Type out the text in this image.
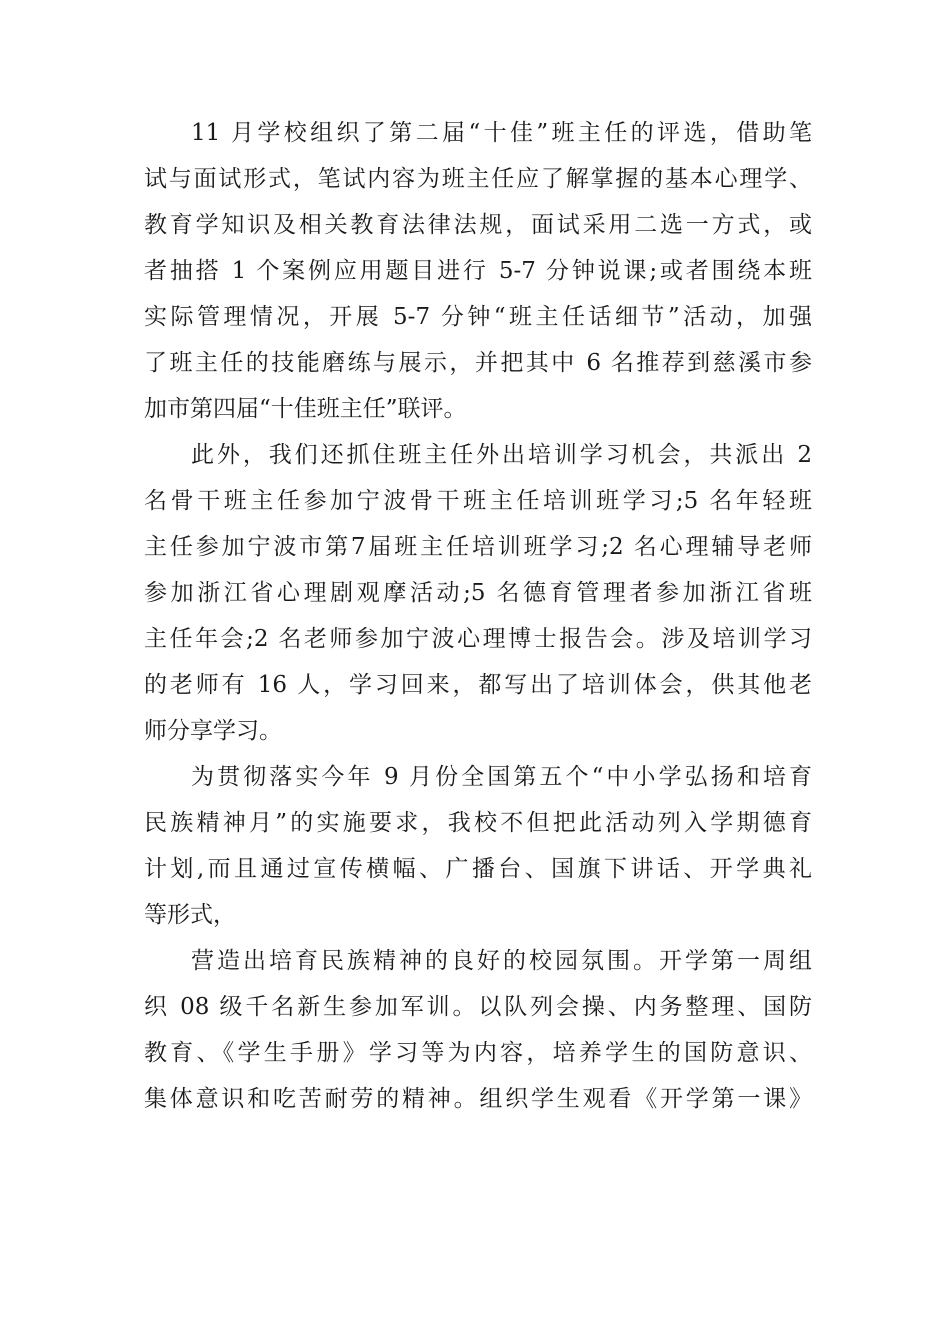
11 月学校组织了第二届“十佳”班主任的评选，借助笔
试与面试形式，笔试内容为班主任应了解掌握的基本心理学、
教育学知识及相关教育法律法规，面试采用二选一方式，或
者抽搭 1 个案例应用题目进行 5-7 分钟说课;或者围绕本班
实际管理情况，开展 5-7 分钟“班主任话细节”活动，加强
了班主任的技能磨练与展示，并把其中 6 名推荐到慈溪市参
加市第四届“十佳班主任”联评。

此外，我们还抓住班主任外出培训学习机会，共派出 2
名骨干班主任参加宁波骨干班主任培训班学习;5 名年轻班
主任参加宁波市第7届班主任培训班学习;2 名心理辅导老师
参加浙江省心理剧观摩活动;5 名德育管理者参加浙江省班
主任年会;2 名老师参加宁波心理博士报告会。涉及培训学习
的老师有 16 人，学习回来，都写出了培训体会，供其他老
师分享学习。

为贯彻落实今年 9 月份全国第五个“中小学弘扬和培育
民族精神月”的实施要求，我校不但把此活动列入学期德育
计划,而且通过宣传横幅、广播台、国旗下讲话、开学典礼
等形式，

营造出培育民族精神的良好的校园氛围。开学第一周组
织 08 级千名新生参加军训。以队列会操、内务整理、国防
教育、《学生手册》学习等为内容，培养学生的国防意识、
集体意识和吃苦耐劳的精神。组织学生观看《开学第一课》
